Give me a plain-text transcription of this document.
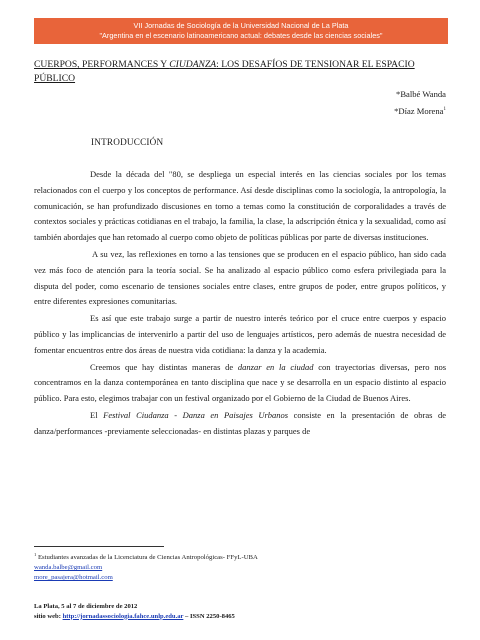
VII Jornadas de Sociología de la Universidad Nacional de La Plata
"Argentina en el escenario latinoamericano actual: debates desde las ciencias sociales"
CUERPOS, PERFORMANCES Y CIUDANZA: LOS DESAFÍOS DE TENSIONAR EL ESPACIO PÚBLICO
*Balbé Wanda
*Díaz Morena$^1$
INTRODUCCIÓN

Desde la década del "80, se despliega un especial interés en las ciencias sociales por los temas relacionados con el cuerpo y los conceptos de performance. Así desde disciplinas como la sociología, la antropología, la comunicación, se han profundizado discusiones en torno a temas como la constitución de corporalidades a través de contextos sociales y prácticas cotidianas en el trabajo, la familia, la clase, la adscripción étnica y la sexualidad, como así también abordajes que han retomado al cuerpo como objeto de políticas públicas por parte de diversas instituciones.

A su vez, las reflexiones en torno a las tensiones que se producen en el espacio público, han sido cada vez más foco de atención para la teoría social. Se ha analizado al espacio público como esfera privilegiada para la disputa del poder, como escenario de tensiones sociales entre clases, entre grupos de poder, entre grupos políticos, y entre diferentes expresiones comunitarias.

Es así que este trabajo surge a partir de nuestro interés teórico por el cruce entre cuerpos y espacio público y las implicancias de intervenirlo a partir del uso de lenguajes artísticos, pero además de nuestra necesidad de fomentar encuentros entre dos áreas de nuestra vida cotidiana: la danza y la academia.

Creemos que hay distintas maneras de danzar en la ciudad con trayectorias diversas, pero nos concentramos en la danza contemporánea en tanto disciplina que nace y se desarrolla en un espacio distinto al espacio público. Para esto, elegimos trabajar con un festival organizado por el Gobierno de la Ciudad de Buenos Aires.

El Festival Ciudanza - Danza en Paisajes Urbanos consiste en la presentación de obras de danza/performances -previamente seleccionadas- en distintas plazas y parques de

$^1$ Estudiantes avanzadas de la Licenciatura de Ciencias Antropológicas- FFyL-UBA
wanda.balbe@gmail.com
more_pasajera@hotmail.com
La Plata, 5 al 7 de diciembre de 2012
sitio web: http://jornadassociologia.fahce.unlp.edu.ar – ISSN 2250-8465
